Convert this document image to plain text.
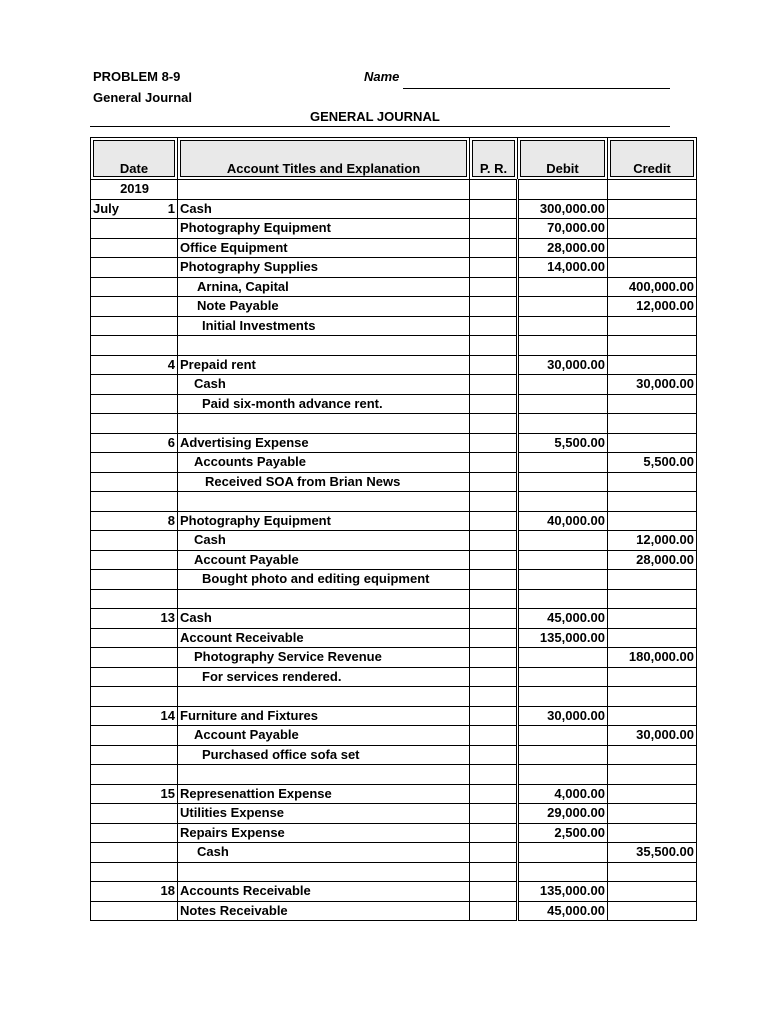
PROBLEM 8-9
General Journal
Name
GENERAL JOURNAL
Date		Account Titles and Explanation	P. R.	Debit	Credit
2019					
July	1	Cash		300,000.00	
		Photography Equipment		70,000.00	
		Office Equipment		28,000.00	
		Photography Supplies		14,000.00	
		Arnina, Capital			400,000.00
		Note Payable			12,000.00
		Initial Investments			

	4	Prepaid rent		30,000.00	
		Cash			30,000.00
		Paid six-month advance rent.			

	6	Advertising Expense		5,500.00	
		Accounts Payable			5,500.00
		Received SOA from Brian News			

	8	Photography Equipment		40,000.00	
		Cash			12,000.00
		Account Payable			28,000.00
		Bought photo and editing equipment			

	13	Cash		45,000.00	
		Account Receivable		135,000.00	
		Photography Service Revenue			180,000.00
		For services rendered.			

	14	Furniture and Fixtures		30,000.00	
		Account Payable			30,000.00
		Purchased office sofa set			

	15	Represenattion Expense		4,000.00	
		Utilities Expense		29,000.00	
		Repairs Expense		2,500.00	
		Cash			35,500.00

	18	Accounts Receivable		135,000.00	
		Notes Receivable		45,000.00	
